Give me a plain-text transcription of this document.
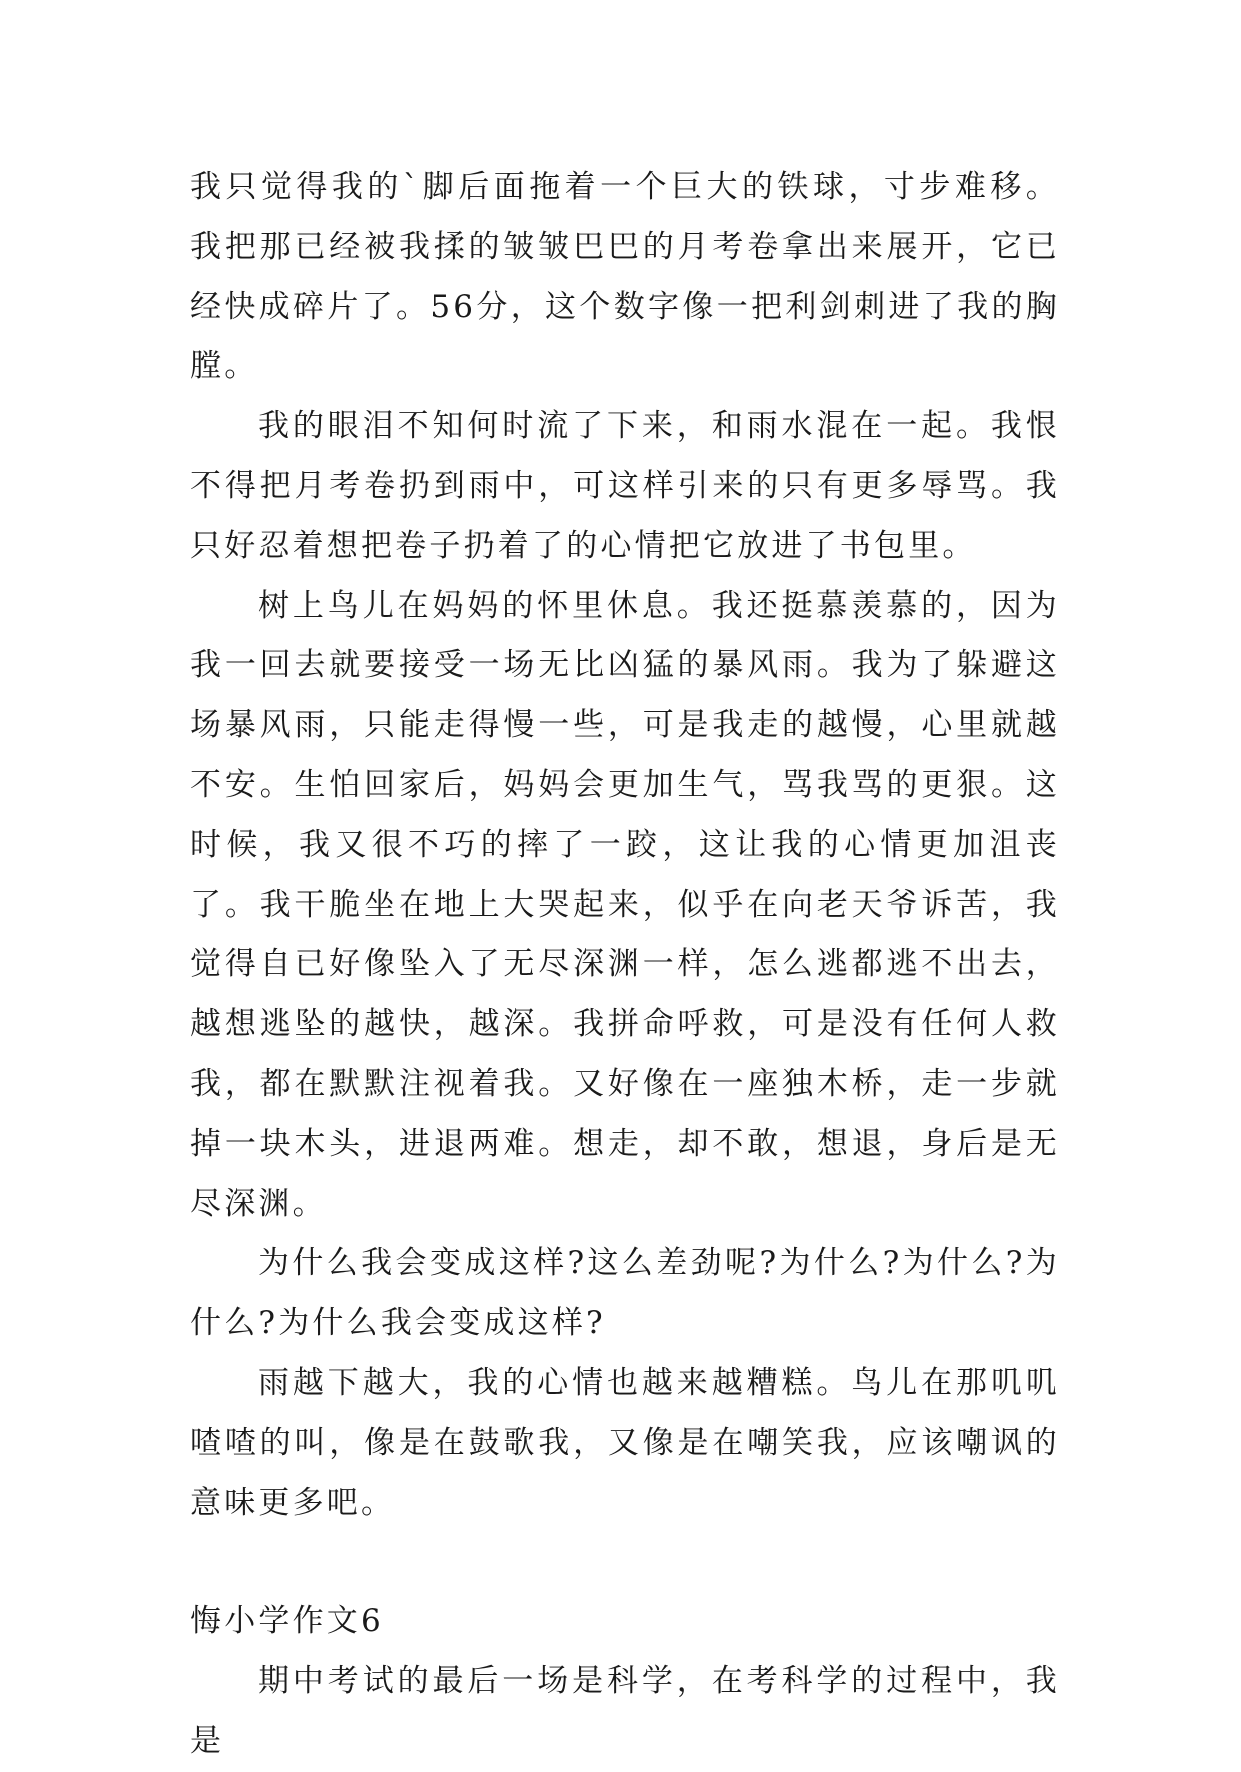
我只觉得我的`脚后面拖着一个巨大的铁球，寸步难移。我把那已经被我揉的皱皱巴巴的月考卷拿出来展开，它已经快成碎片了。56分，这个数字像一把利剑刺进了我的胸膛。

我的眼泪不知何时流了下来，和雨水混在一起。我恨不得把月考卷扔到雨中，可这样引来的只有更多辱骂。我只好忍着想把卷子扔着了的心情把它放进了书包里。

树上鸟儿在妈妈的怀里休息。我还挺慕羡慕的，因为我一回去就要接受一场无比凶猛的暴风雨。我为了躲避这场暴风雨，只能走得慢一些，可是我走的越慢，心里就越不安。生怕回家后，妈妈会更加生气，骂我骂的更狠。这时候，我又很不巧的摔了一跤，这让我的心情更加沮丧了。我干脆坐在地上大哭起来，似乎在向老天爷诉苦，我觉得自已好像坠入了无尽深渊一样，怎么逃都逃不出去，越想逃坠的越快，越深。我拼命呼救，可是没有任何人救我，都在默默注视着我。又好像在一座独木桥，走一步就掉一块木头，进退两难。想走，却不敢，想退，身后是无尽深渊。

为什么我会变成这样?这么差劲呢?为什么?为什么?为什么?为什么我会变成这样?

雨越下越大，我的心情也越来越糟糕。鸟儿在那叽叽喳喳的叫，像是在鼓歌我，又像是在嘲笑我，应该嘲讽的意味更多吧。

悔小学作文6

期中考试的最后一场是科学，在考科学的过程中，我是
